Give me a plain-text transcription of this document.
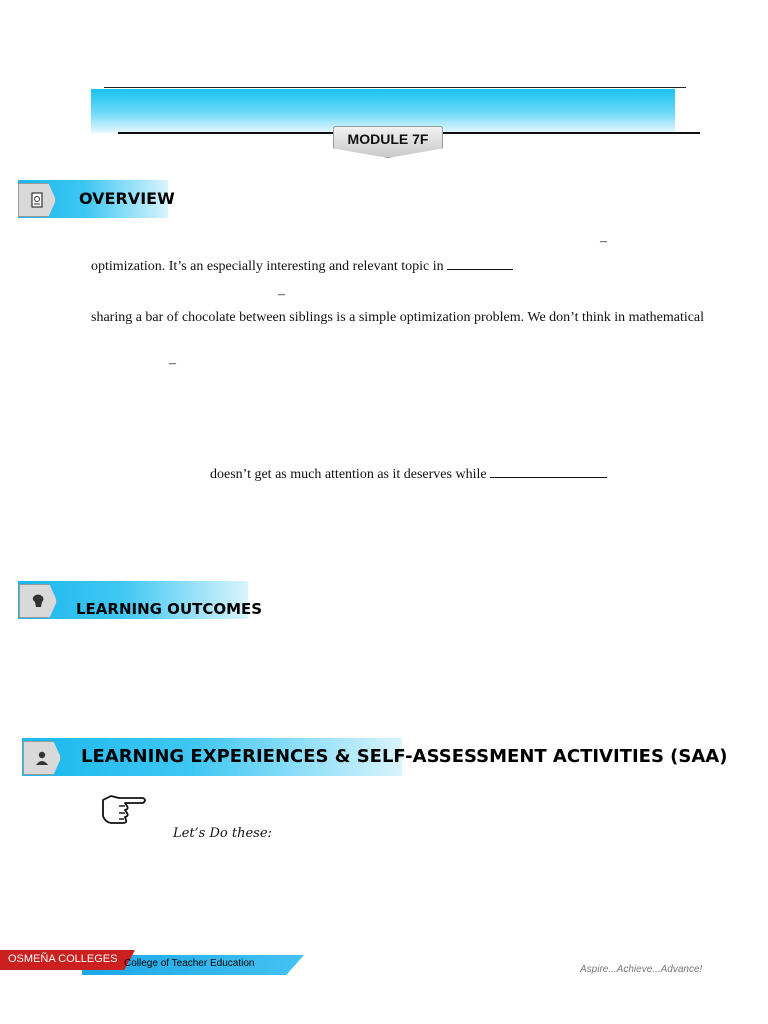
MODULE 7F
OVERVIEW
–
optimization. It’s an especially interesting and relevant topic in
–
sharing a bar of chocolate between siblings is a simple optimization problem. We don’t think in mathematical
–
doesn’t get as much attention as it deserves while
LEARNING OUTCOMES
LEARNING EXPERIENCES & SELF-ASSESSMENT ACTIVITIES (SAA)
Let’s Do these:
OSMEÑA COLLEGES College of Teacher Education
Aspire...Achieve...Advance!
